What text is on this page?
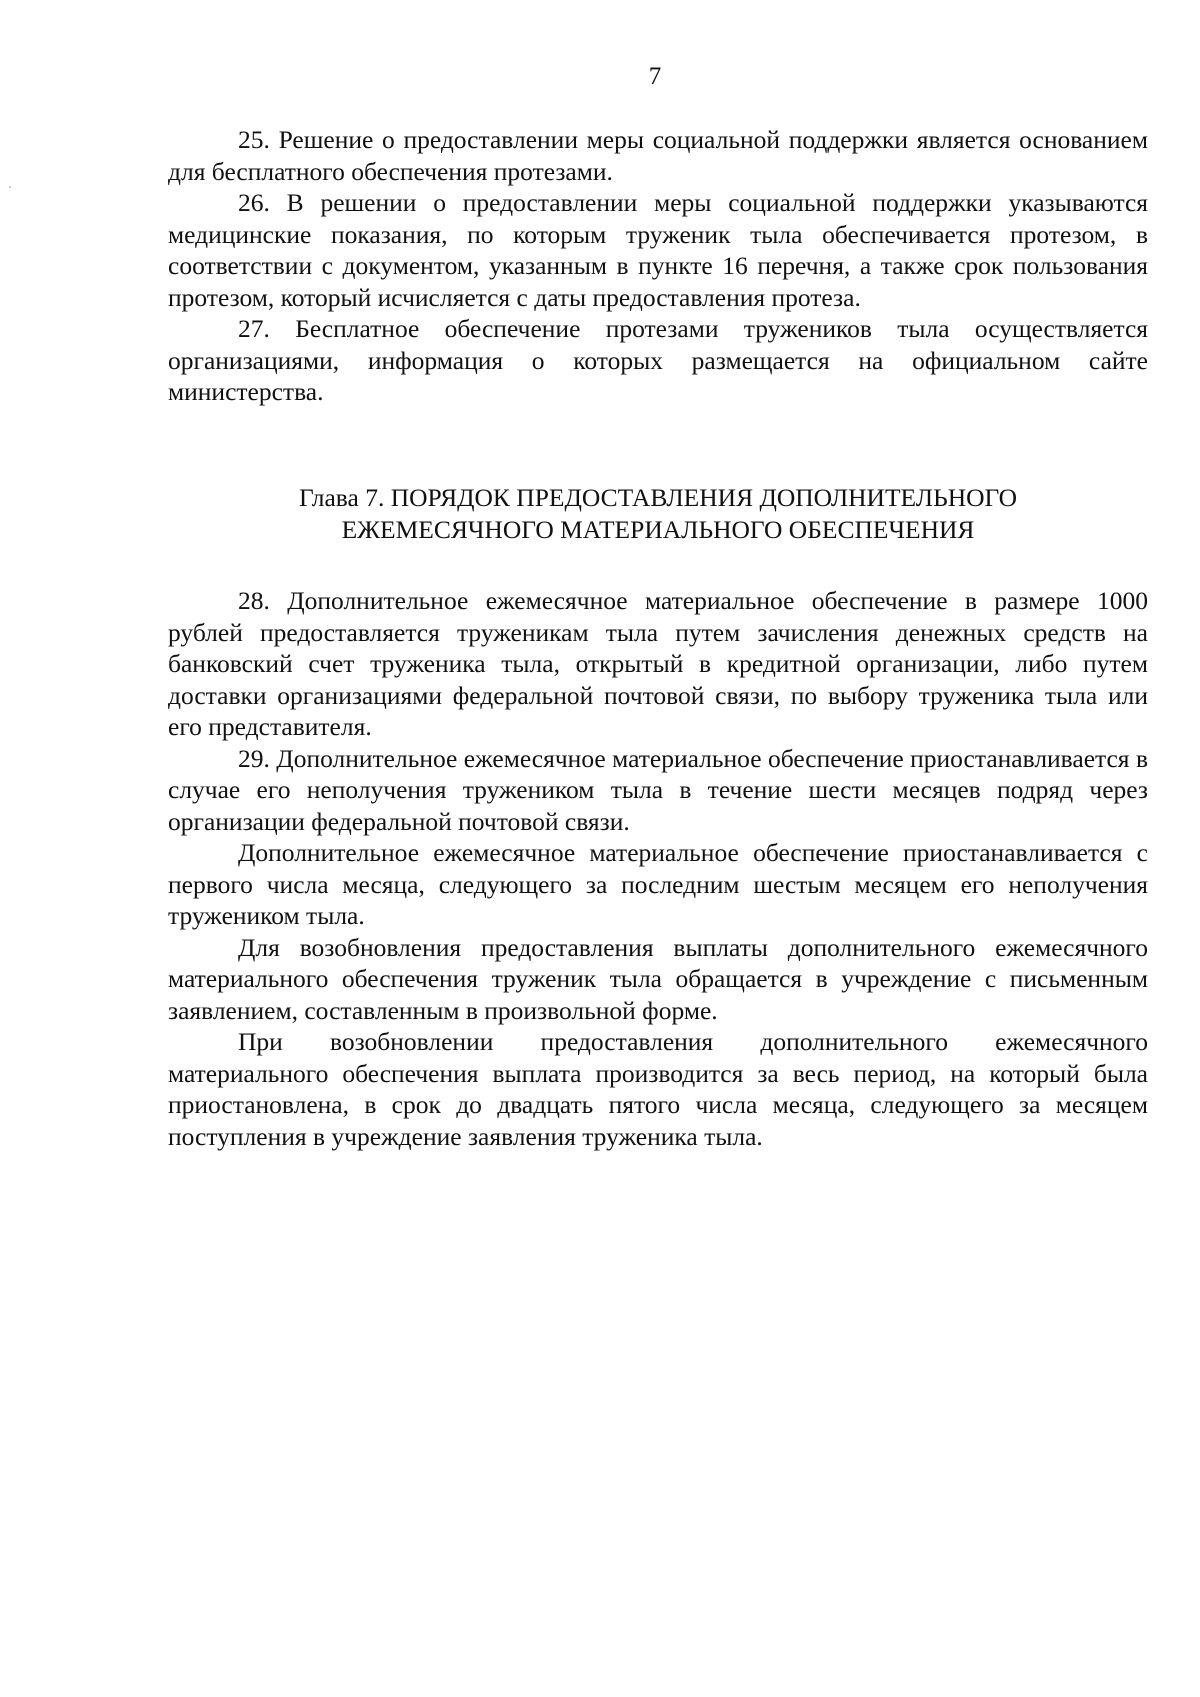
7

25. Решение о предоставлении меры социальной поддержки является основанием для бесплатного обеспечения протезами.

26. В решении о предоставлении меры социальной поддержки указываются медицинские показания, по которым труженик тыла обеспечивается протезом, в соответствии с документом, указанным в пункте 16 перечня, а также срок пользования протезом, который исчисляется с даты предоставления протеза.

27. Бесплатное обеспечение протезами тружеников тыла осуществляется организациями, информация о которых размещается на официальном сайте министерства.

Глава 7. ПОРЯДОК ПРЕДОСТАВЛЕНИЯ ДОПОЛНИТЕЛЬНОГО
ЕЖЕМЕСЯЧНОГО МАТЕРИАЛЬНОГО ОБЕСПЕЧЕНИЯ

28. Дополнительное ежемесячное материальное обеспечение в размере 1000 рублей предоставляется труженикам тыла путем зачисления денежных средств на банковский счет труженика тыла, открытый в кредитной организации, либо путем доставки организациями федеральной почтовой связи, по выбору труженика тыла или его представителя.

29. Дополнительное ежемесячное материальное обеспечение приостанавливается в случае его неполучения тружеником тыла в течение шести месяцев подряд через организации федеральной почтовой связи.

Дополнительное ежемесячное материальное обеспечение приостанавливается с первого числа месяца, следующего за последним шестым месяцем его неполучения тружеником тыла.

Для возобновления предоставления выплаты дополнительного ежемесячного материального обеспечения труженик тыла обращается в учреждение с письменным заявлением, составленным в произвольной форме.

При возобновлении предоставления дополнительного ежемесячного материального обеспечения выплата производится за весь период, на который была приостановлена, в срок до двадцать пятого числа месяца, следующего за месяцем поступления в учреждение заявления труженика тыла.
